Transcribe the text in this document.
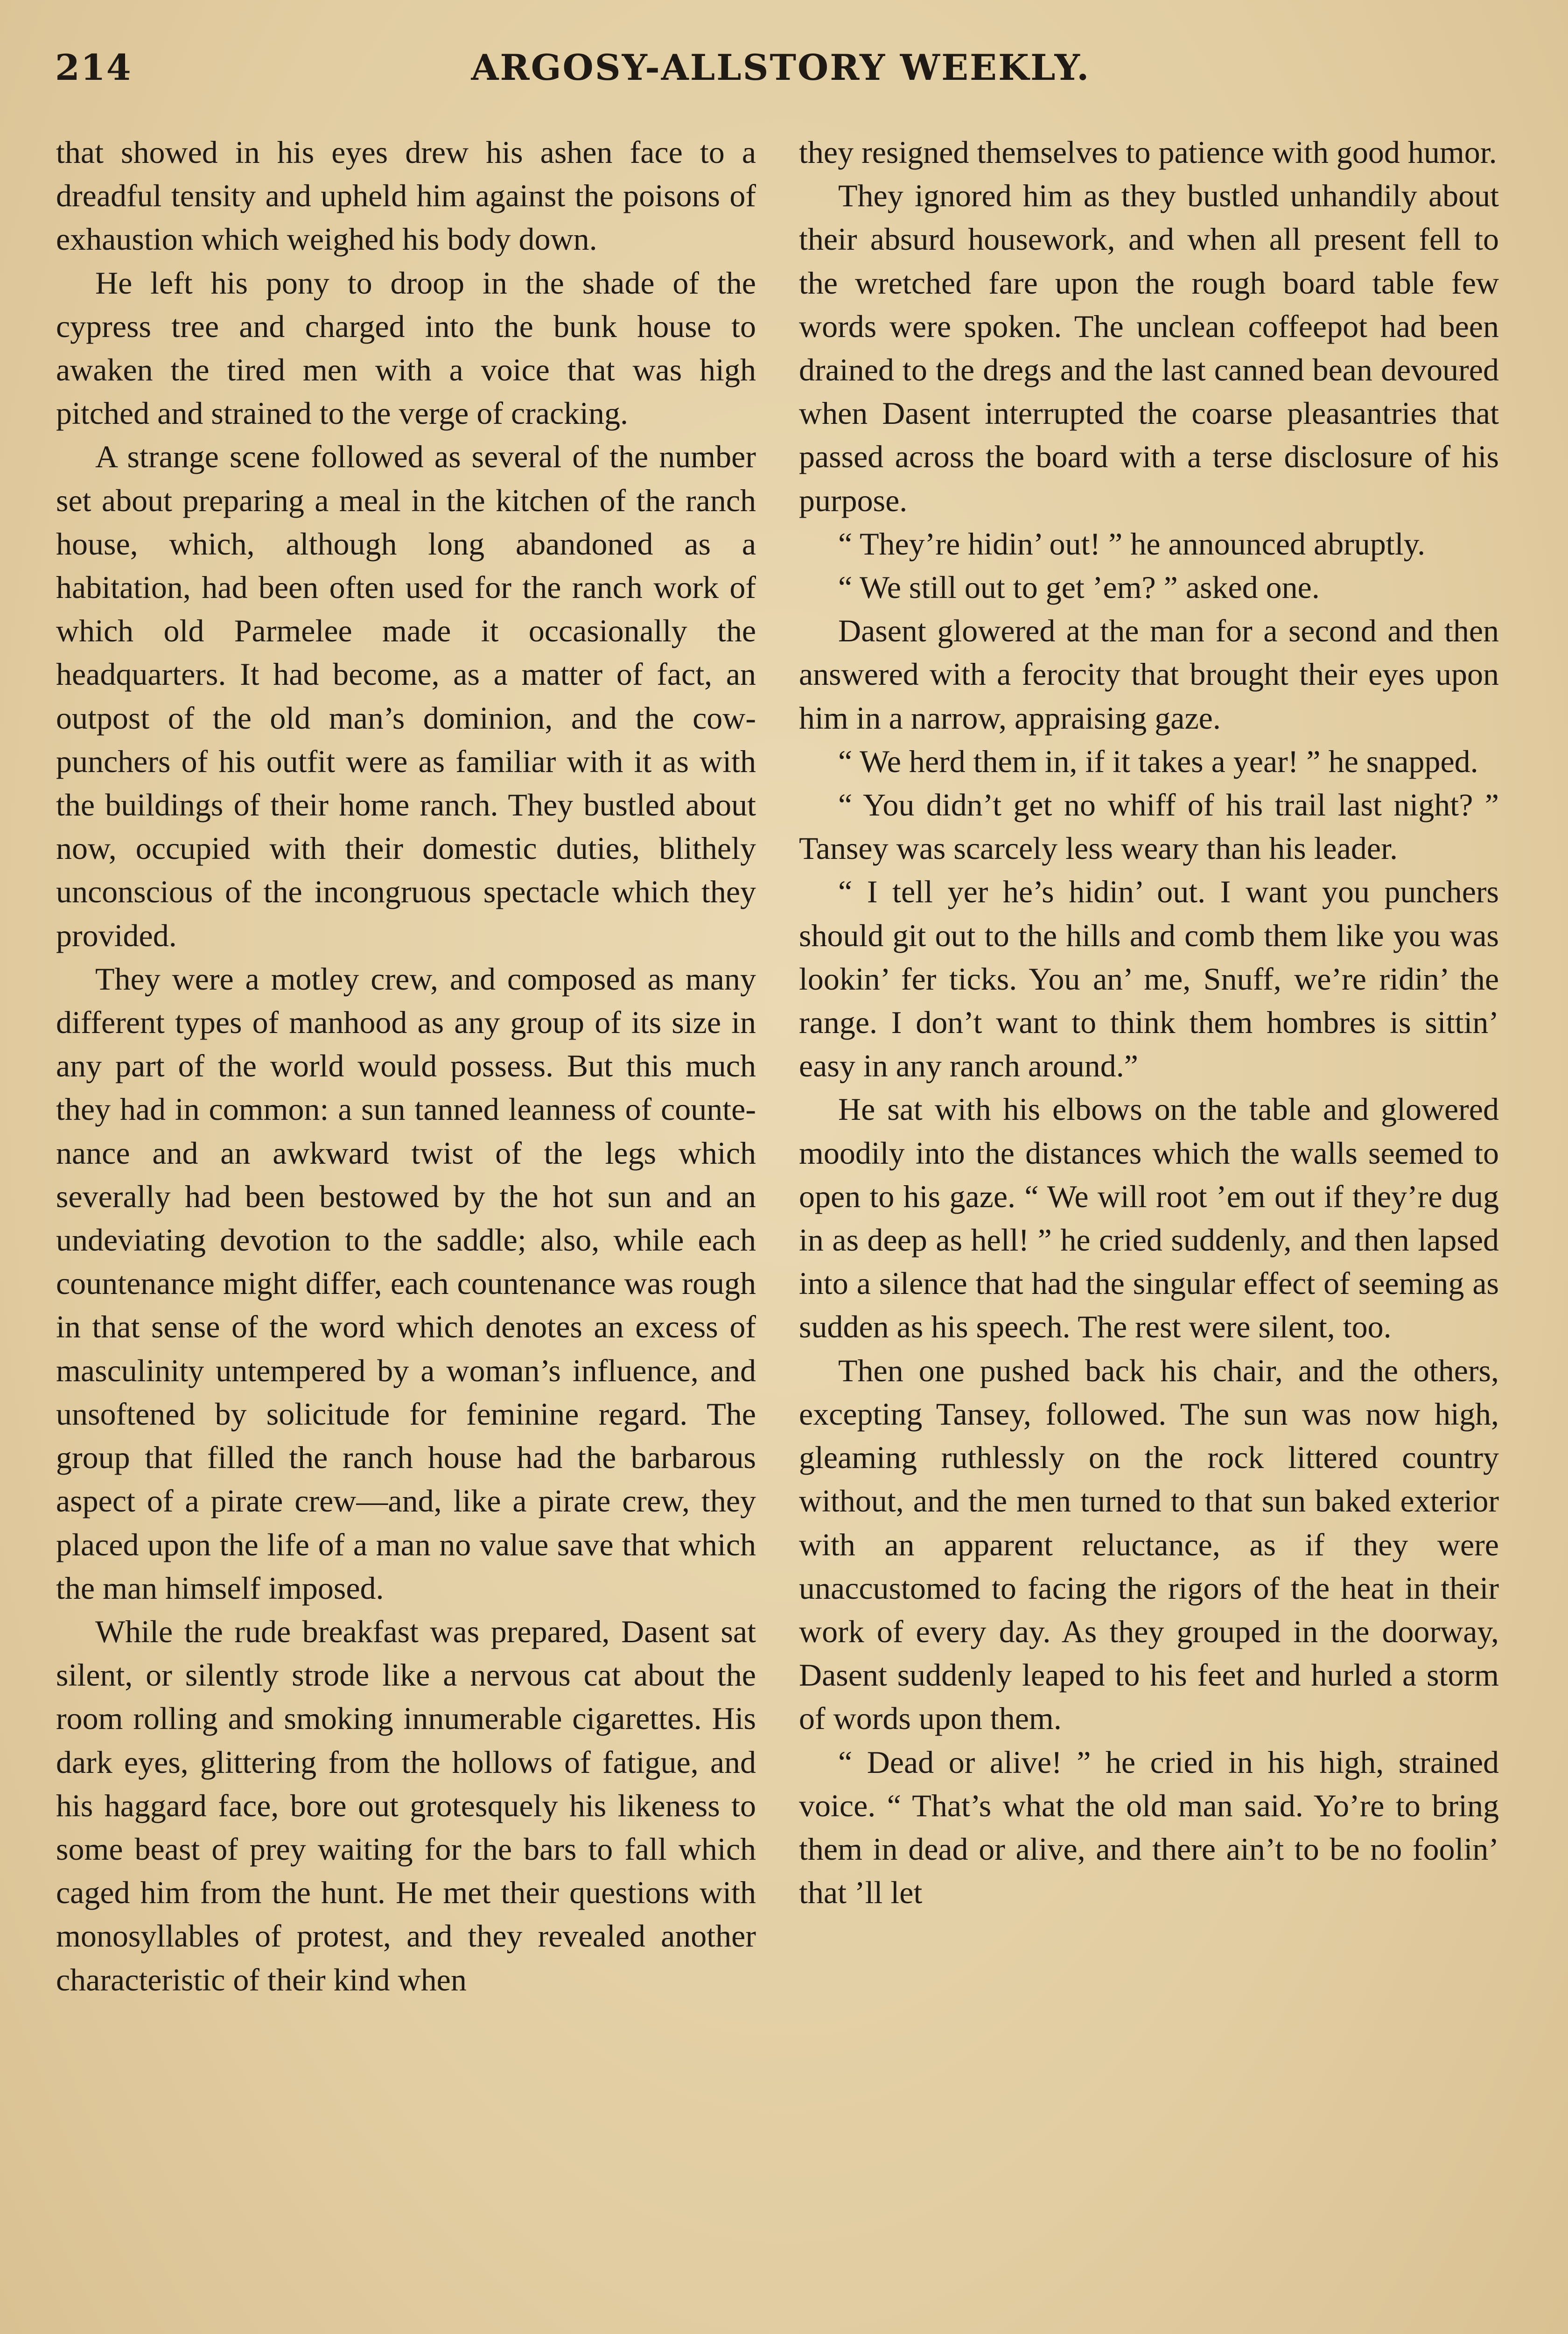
214	ARGOSY-ALLSTORY WEEKLY.

that showed in his eyes drew his ashen face to a dreadful tensity and upheld him against the poisons of exhaustion which weighed his body down.

He left his pony to droop in the shade of the cypress tree and charged into the bunk house to awaken the tired men with a voice that was high pitched and strained to the verge of cracking.

A strange scene followed as several of the number set about preparing a meal in the kitchen of the ranch house, which, although long abandoned as a habitation, had been often used for the ranch work of which old Parmelee made it occasionally the headquarters. It had become, as a matter of fact, an outpost of the old man’s dominion, and the cow-punchers of his outfit were as familiar with it as with the buildings of their home ranch. They bustled about now, occupied with their domestic duties, blithely unconscious of the incongruous spectacle which they provided.

They were a motley crew, and composed as many different types of manhood as any group of its size in any part of the world would possess. But this much they had in common: a sun tanned leanness of countenance and an awkward twist of the legs which severally had been bestowed by the hot sun and an undeviating devotion to the saddle; also, while each countenance might differ, each countenance was rough in that sense of the word which denotes an excess of masculinity untempered by a woman’s influence, and unsoftened by solicitude for feminine regard. The group that filled the ranch house had the barbarous aspect of a pirate crew—and, like a pirate crew, they placed upon the life of a man no value save that which the man himself imposed.

While the rude breakfast was prepared, Dasent sat silent, or silently strode like a nervous cat about the room rolling and smoking innumerable cigarettes. His dark eyes, glittering from the hollows of fatigue, and his haggard face, bore out grotesquely his likeness to some beast of prey waiting for the bars to fall which caged him from the hunt. He met their questions with monosyllables of protest, and they revealed another characteristic of their kind when

they resigned themselves to patience with good humor.

They ignored him as they bustled unhandily about their absurd housework, and when all present fell to the wretched fare upon the rough board table few words were spoken. The unclean coffeepot had been drained to the dregs and the last canned bean devoured when Dasent interrupted the coarse pleasantries that passed across the board with a terse disclosure of his purpose.

“ They’re hidin’ out! ” he announced abruptly.

“ We still out to get ’em? ” asked one.

Dasent glowered at the man for a second and then answered with a ferocity that brought their eyes upon him in a narrow, appraising gaze.

“ We herd them in, if it takes a year! ” he snapped.

“ You didn’t get no whiff of his trail last night? ” Tansey was scarcely less weary than his leader.

“ I tell yer he’s hidin’ out. I want you punchers should git out to the hills and comb them like you was lookin’ fer ticks. You an’ me, Snuff, we’re ridin’ the range. I don’t want to think them hombres is sittin’ easy in any ranch around.”

He sat with his elbows on the table and glowered moodily into the distances which the walls seemed to open to his gaze. “ We will root ’em out if they’re dug in as deep as hell! ” he cried suddenly, and then lapsed into a silence that had the singular effect of seeming as sudden as his speech. The rest were silent, too.

Then one pushed back his chair, and the others, excepting Tansey, followed. The sun was now high, gleaming ruthlessly on the rock littered country without, and the men turned to that sun baked exterior with an apparent reluctance, as if they were unaccustomed to facing the rigors of the heat in their work of every day. As they grouped in the doorway, Dasent suddenly leaped to his feet and hurled a storm of words upon them.

“ Dead or alive! ” he cried in his high, strained voice. “ That’s what the old man said. Yo’re to bring them in dead or alive, and there ain’t to be no foolin’ that ’ll let
